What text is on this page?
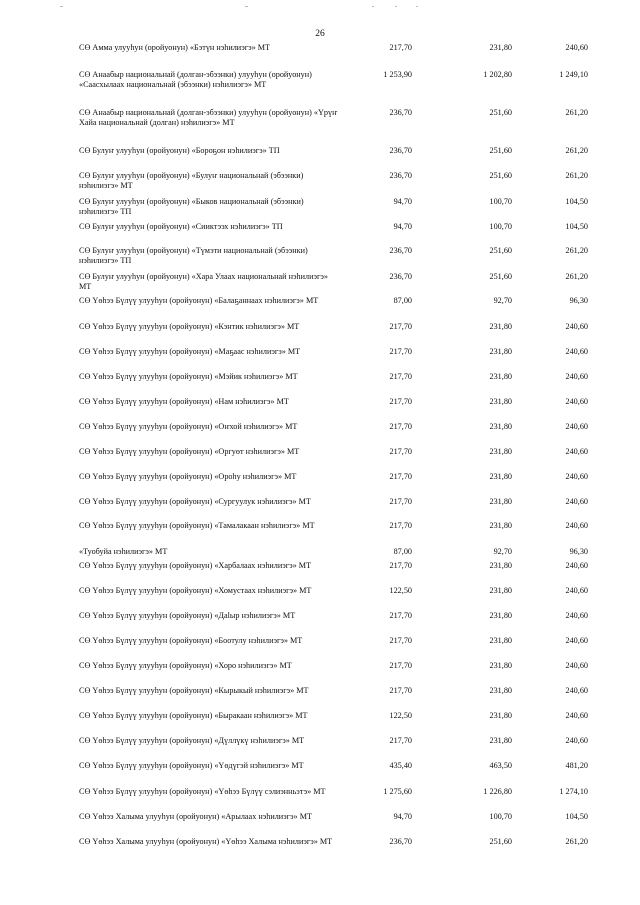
26
СӨ Амма улууһун (оройуонун) «Бэтүн нэһилиэгэ» МТ	217,70	231,80	240,60
СӨ Анаабыр национальнай (долган-эбээнки) улууһун (оройуонун) «Саасхылаах национальнай (эбээнки) нэһилиэгэ» МТ
1 253,90	1 202,80	1 249,10
СӨ Анаабыр национальнай (долган-эбээнки) улууһун (оройуонун) «Үрүҥ Хайа национальнай (долган) нэһилиэгэ» МТ
236,70	251,60	261,20
СӨ Булуҥ улууһун (оройуонун) «Бороҕон нэһилиэгэ» ТП	236,70	251,60	261,20
СӨ Булуҥ улууһун (оройуонун) «Булуҥ национальнай (эбээнки) нэһилиэгэ» МТ
236,70	251,60	261,20
СӨ Булуҥ улууһун (оройуонун) «Быков национальнай (эбээнки) нэһилиэгэ» ТП
94,70	100,70	104,50
СӨ Булуҥ улууһун (оройуонун) «Сииктээх нэһилиэгэ» ТП	94,70	100,70	104,50
СӨ Булуҥ улууһун (оройуонун) «Түмэти национальнай (эбээнки) нэһилиэгэ» ТП
236,70	251,60	261,20
СӨ Булуҥ улууһун (оройуонун) «Хара Улаах национальнай нэһилиэгэ» МТ
236,70	251,60	261,20
СӨ Үөһээ Бүлүү улууһун (оройуонун) «Балаҕаннаах нэһилиэгэ» МТ	87,00	92,70	96,30
СӨ Үөһээ Бүлүү улууһун (оройуонун) «Кэнтик нэһилиэгэ» МТ	217,70	231,80	240,60
СӨ Үөһээ Бүлүү улууһун (оройуонун) «Маҕаас нэһилиэгэ» МТ	217,70	231,80	240,60
СӨ Үөһээ Бүлүү улууһун (оройуонун) «Мэйик нэһилиэгэ» МТ	217,70	231,80	240,60
СӨ Үөһээ Бүлүү улууһун (оройуонун) «Нам нэһилиэгэ» МТ	217,70	231,80	240,60
СӨ Үөһээ Бүлүү улууһун (оройуонун) «Оҥхой нэһилиэгэ» МТ	217,70	231,80	240,60
СӨ Үөһээ Бүлүү улууһун (оройуонун) «Оргуөт нэһилиэгэ» МТ	217,70	231,80	240,60
СӨ Үөһээ Бүлүү улууһун (оройуонун) «Ороһу нэһилиэгэ» МТ	217,70	231,80	240,60
СӨ Үөһээ Бүлүү улууһун (оройуонун) «Сургуулук нэһилиэгэ» МТ	217,70	231,80	240,60
СӨ Үөһээ Бүлүү улууһун (оройуонун) «Тамалакаан нэһилиэгэ» МТ	217,70	231,80	240,60
«Туобуйа нэһилиэгэ» МТ	87,00	92,70	96,30
СӨ Үөһээ Бүлүү улууһун (оройуонун) «Харбалаах нэһилиэгэ» МТ	217,70	231,80	240,60
СӨ Үөһээ Бүлүү улууһун (оройуонун) «Хомустаах нэһилиэгэ» МТ	122,50	231,80	240,60
СӨ Үөһээ Бүлүү улууһун (оройуонун) «Дalыр нэһилиэгэ» МТ	217,70	231,80	240,60
СӨ Үөһээ Бүлүү улууһун (оройуонун) «Боотулу нэһилиэгэ» МТ	217,70	231,80	240,60
СӨ Үөһээ Бүлүү улууһун (оройуонун) «Хоро нэһилиэгэ» МТ	217,70	231,80	240,60
СӨ Үөһээ Бүлүү улууһун (оройуонун) «Кырыкый нэһилиэгэ» МТ	217,70	231,80	240,60
СӨ Үөһээ Бүлүү улууһун (оройуонун) «Быракаан нэһилиэгэ» МТ	122,50	231,80	240,60
СӨ Үөһээ Бүлүү улууһун (оройуонун) «Дүллүкү нэһилиэгэ» МТ	217,70	231,80	240,60
СӨ Үөһээ Бүлүү улууһун (оройуонун) «Үөдүгэй нэһилиэгэ» МТ	435,40	463,50	481,20
СӨ Үөһээ Бүлүү улууһун (оройуонун) «Үөһээ Бүлүү сэлиэнньэтэ» МТ	1 275,60	1 226,80	1 274,10
СӨ Үөһээ Халыма улууһун (оройуонун) «Арылаах нэһилиэгэ» МТ	94,70	100,70	104,50
СӨ Үөһээ Халыма улууһун (оройуонун) «Үөһээ Халыма нэһилиэгэ» МТ	236,70	251,60	261,20
